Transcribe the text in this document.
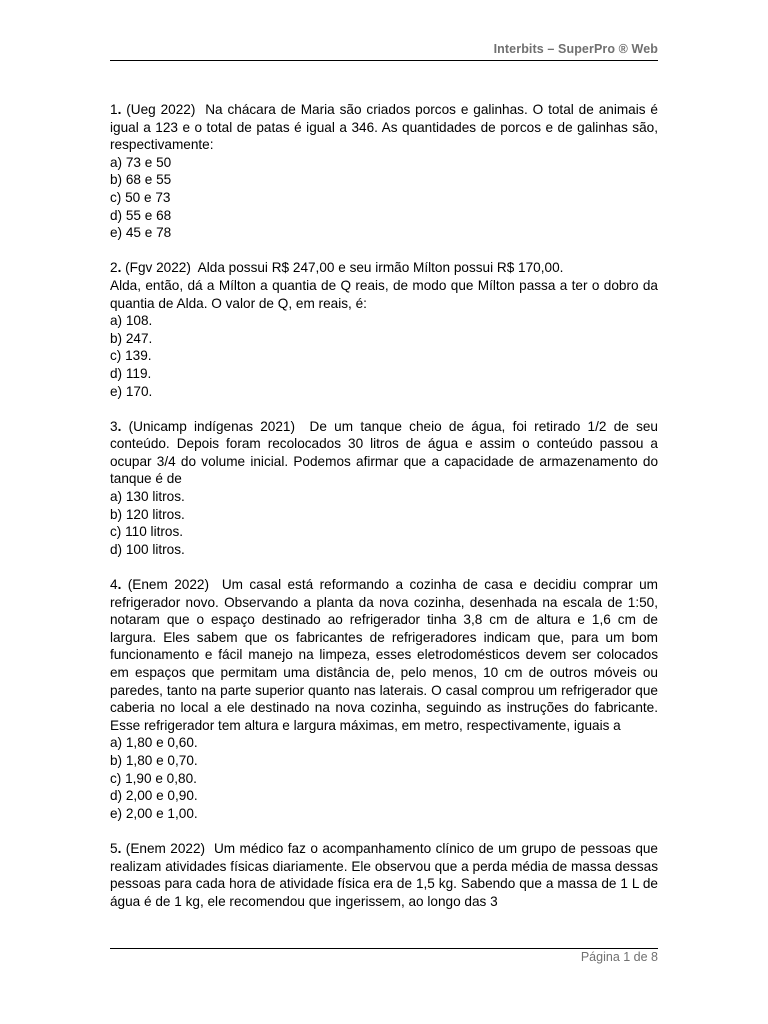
Interbits – SuperPro ® Web

1. (Ueg 2022) Na chácara de Maria são criados porcos e galinhas. O total de animais é igual a 123 e o total de patas é igual a 346. As quantidades de porcos e de galinhas são, respectivamente:

a) 73 e 50
b) 68 e 55
c) 50 e 73
d) 55 e 68
e) 45 e 78

2. (Fgv 2022) Alda possui R$ 247,00 e seu irmão Mílton possui R$ 170,00.

Alda, então, dá a Mílton a quantia de Q reais, de modo que Mílton passa a ter o dobro da quantia de Alda. O valor de Q, em reais, é:

a) 108.
b) 247.
c) 139.
d) 119.
e) 170.

3. (Unicamp indígenas 2021) De um tanque cheio de água, foi retirado 1/2 de seu conteúdo. Depois foram recolocados 30 litros de água e assim o conteúdo passou a ocupar 3/4 do volume inicial. Podemos afirmar que a capacidade de armazenamento do tanque é de

a) 130 litros.
b) 120 litros.
c) 110 litros.
d) 100 litros.

4. (Enem 2022) Um casal está reformando a cozinha de casa e decidiu comprar um refrigerador novo. Observando a planta da nova cozinha, desenhada na escala de 1:50, notaram que o espaço destinado ao refrigerador tinha 3,8 cm de altura e 1,6 cm de largura. Eles sabem que os fabricantes de refrigeradores indicam que, para um bom funcionamento e fácil manejo na limpeza, esses eletrodomésticos devem ser colocados em espaços que permitam uma distância de, pelo menos, 10 cm de outros móveis ou paredes, tanto na parte superior quanto nas laterais. O casal comprou um refrigerador que caberia no local a ele destinado na nova cozinha, seguindo as instruções do fabricante. Esse refrigerador tem altura e largura máximas, em metro, respectivamente, iguais a

a) 1,80 e 0,60.
b) 1,80 e 0,70.
c) 1,90 e 0,80.
d) 2,00 e 0,90.
e) 2,00 e 1,00.

5. (Enem 2022) Um médico faz o acompanhamento clínico de um grupo de pessoas que realizam atividades físicas diariamente. Ele observou que a perda média de massa dessas pessoas para cada hora de atividade física era de 1,5 kg. Sabendo que a massa de 1 L de água é de 1 kg, ele recomendou que ingerissem, ao longo das 3

Página 1 de 8
